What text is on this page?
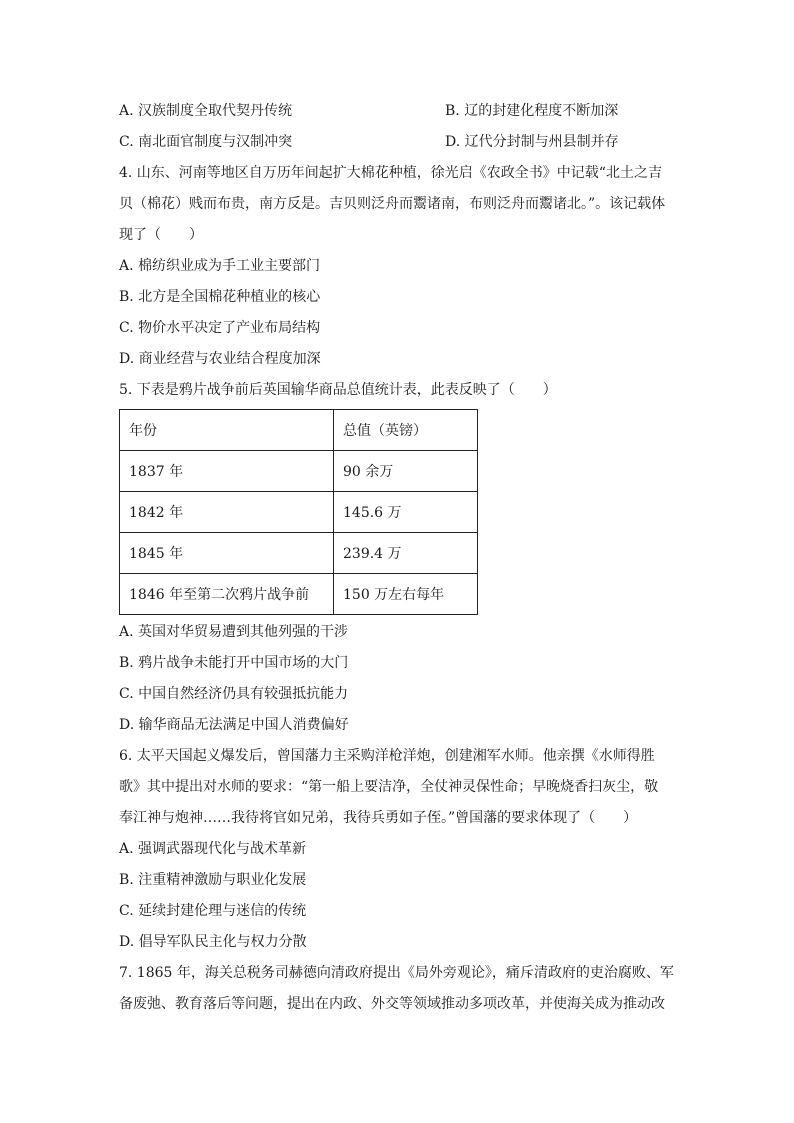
A. 汉族制度全取代契丹传统	B. 辽的封建化程度不断加深
C. 南北面官制度与汉制冲突	D. 辽代分封制与州县制并存
4. 山东、河南等地区自万历年间起扩大棉花种植，徐光启《农政全书》中记载“北土之吉
贝（棉花）贱而布贵，南方反是。吉贝则泛舟而鬻诸南，布则泛舟而鬻诸北。”。该记载体
现了（　　）
A. 棉纺织业成为手工业主要部门
B. 北方是全国棉花种植业的核心
C. 物价水平决定了产业布局结构
D. 商业经营与农业结合程度加深
5. 下表是鸦片战争前后英国输华商品总值统计表，此表反映了（　　）
年份	总值（英镑）
1837 年	90 余万
1842 年	145.6 万
1845 年	239.4 万
1846 年至第二次鸦片战争前	150 万左右每年
A. 英国对华贸易遭到其他列强的干涉
B. 鸦片战争未能打开中国市场的大门
C. 中国自然经济仍具有较强抵抗能力
D. 输华商品无法满足中国人消费偏好
6. 太平天国起义爆发后，曾国藩力主采购洋枪洋炮，创建湘军水师。他亲撰《水师得胜
歌》其中提出对水师的要求：“第一船上要洁净，全仗神灵保性命；早晚烧香扫灰尘，敬
奉江神与炮神……我待将官如兄弟，我待兵勇如子侄。”曾国藩的要求体现了（　　）
A. 强调武器现代化与战术革新
B. 注重精神激励与职业化发展
C. 延续封建伦理与迷信的传统
D. 倡导军队民主化与权力分散
7. 1865 年，海关总税务司赫德向清政府提出《局外旁观论》，痛斥清政府的吏治腐败、军
备废弛、教育落后等问题，提出在内政、外交等领域推动多项改革，并使海关成为推动改
